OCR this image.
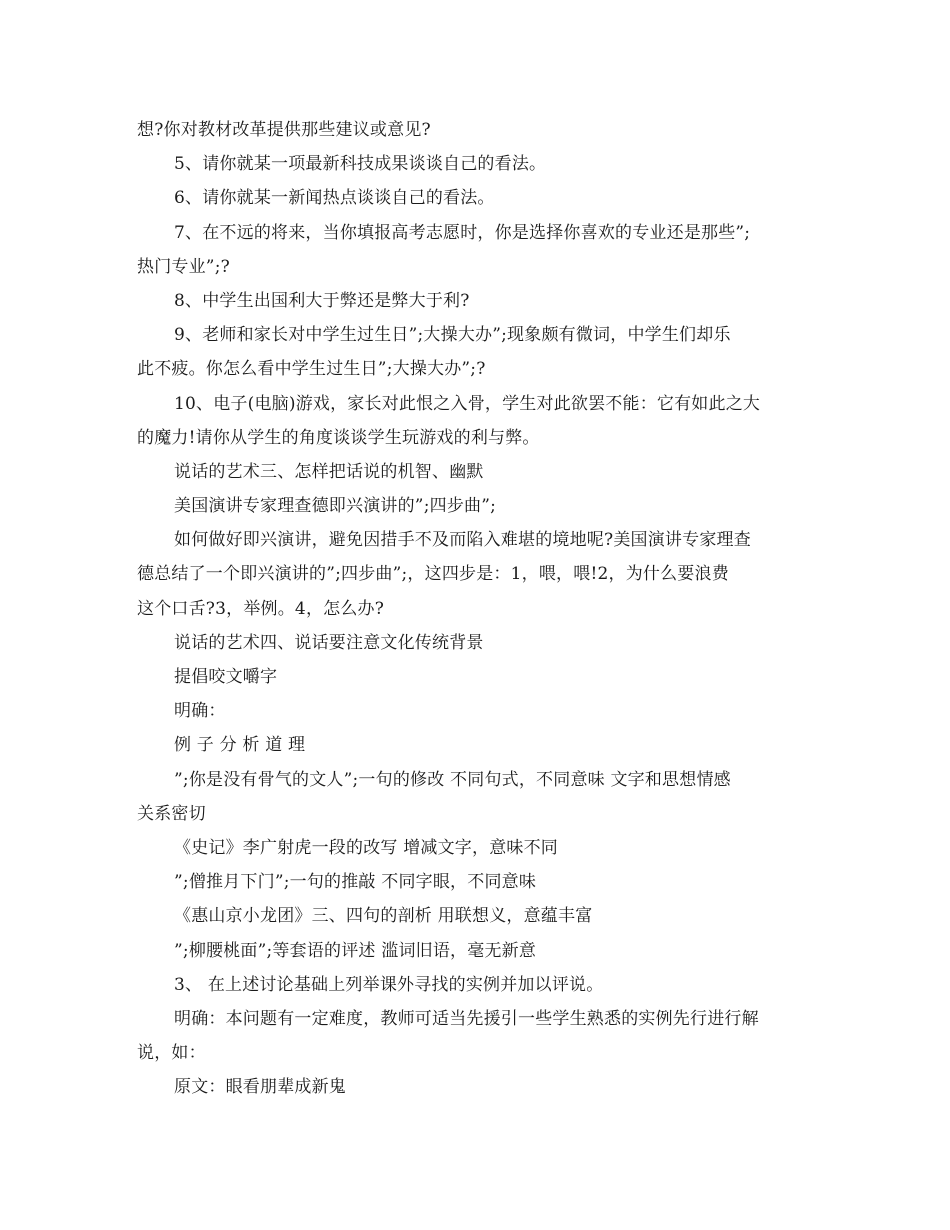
想?你对教材改革提供那些建议或意见?
5、请你就某一项最新科技成果谈谈自己的看法。
6、请你就某一新闻热点谈谈自己的看法。
7、在不远的将来，当你填报高考志愿时，你是选择你喜欢的专业还是那些”;
热门专业”;?
8、中学生出国利大于弊还是弊大于利?
9、老师和家长对中学生过生日”;大操大办”;现象颇有微词，中学生们却乐
此不疲。你怎么看中学生过生日”;大操大办”;?
10、电子(电脑)游戏，家长对此恨之入骨，学生对此欲罢不能：它有如此之大
的魔力!请你从学生的角度谈谈学生玩游戏的利与弊。
说话的艺术三、怎样把话说的机智、幽默
美国演讲专家理查德即兴演讲的”;四步曲”;
如何做好即兴演讲，避免因措手不及而陷入难堪的境地呢?美国演讲专家理查
德总结了一个即兴演讲的”;四步曲”;，这四步是：1，喂，喂!2，为什么要浪费
这个口舌?3，举例。4，怎么办?
说话的艺术四、说话要注意文化传统背景
提倡咬文嚼字
明确：
例 子 分 析 道 理
”;你是没有骨气的文人”;一句的修改 不同句式，不同意味 文字和思想情感
关系密切
《史记》李广射虎一段的改写 增减文字，意味不同
”;僧推月下门”;一句的推敲 不同字眼，不同意味
《惠山京小龙团》三、四句的剖析 用联想义，意蕴丰富
”;柳腰桃面”;等套语的评述 滥词旧语，毫无新意
3、 在上述讨论基础上列举课外寻找的实例并加以评说。
明确：本问题有一定难度，教师可适当先援引一些学生熟悉的实例先行进行解
说，如：
原文：眼看朋辈成新鬼
